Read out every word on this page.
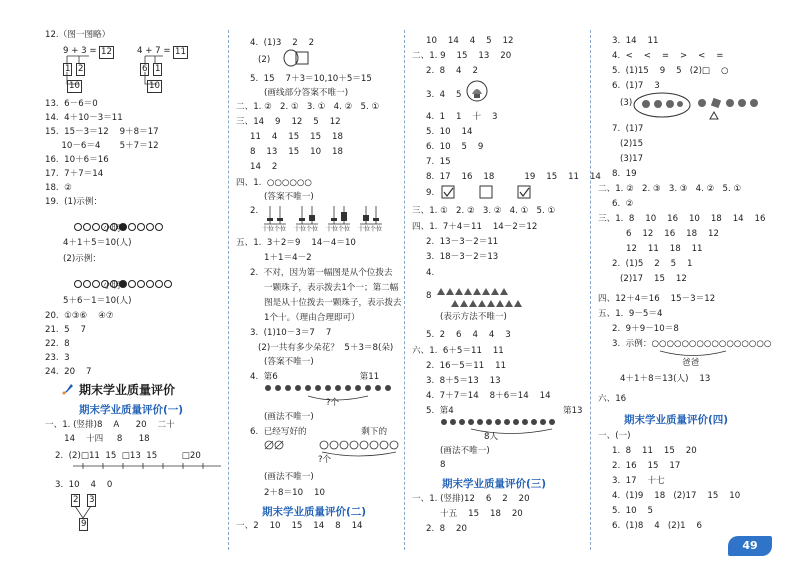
12.（图一图略）
9 + 3 = 12	4 + 7 = 11
1 2
10
6 1
10
13.  6－6＝0
14.  4＋10－3＝11
15.  15－3＝12    9＋8＝17
10－6＝4       5＋7＝12
16.  10＋6＝16
17.  7＋7＝14
18.  ②
19.  (1)示例：

小明
4＋1＋5＝10(人)
(2)示例：

小明
5＋6－1＝10(人)
20.  ①③⑥    ④⑦
21.  5    7
22.  8
23.  3
24.  20    7
期末学业质量评价
期末学业质量评价(一)
一、1. (竖排)8    A      20    二十
14    十四     8      18
2.  (2)□11  15  □13  15         □20
3.  10    4    0
2 3
9
4.  (1)3    2    2
(2)
5.  15    7＋3＝10,10＋5＝15
(画线部分答案不唯一)
二、1. ②   2. ①   3. ①   4. ②   5. ①
三、14    9    12    5    12
11    4    15    15    18
8    13    15    10    18
14    2
四、1.  ○○○○○○
(答案不唯一)
2.
十位个位 十位个位 十位个位 十位个位
五、1.  3＋2＝9    14－4＝10
1＋1＝4－2
2.  不对，因为第一幅图是从个位拨去
一颗珠子，表示拨去1个一；第二幅
图是从十位拨去一颗珠子，表示拨去
1个十。（理由合理即可）
3.  (1)10－3＝7    7
(2)一共有多少朵花？  5＋3＝8(朵)
(答案不唯一)
4.  第6                              第11
?个
(画法不唯一)
6.  已经写好的                    剩下的
?个
(画法不唯一)
2＋8＝10    10
期末学业质量评价(二)
一、2    10    15    14    8    14
10    14    4    5    12
二、1. 9    15    13    20
2.  8    4    2
3.  4    5
4.  1    1    十    3
5.  10    14
6.  10    5    9
7.  15
8.  17    16    18           19    15    11    14
9.
三、1. ①   2. ②   3. ②   4. ①   5. ①
四、1.  7＋4＝11    14－2＝12
2.  13－3－2＝11
3.  18－3－2＝13
4.

8

(表示方法不唯一)
5.  2    6    4    4    3
六、1.  6＋5＝11    11
2.  16－5＝11    11
3.  8＋5＝13    13
4.  7＋7＝14    8＋6＝14    14
5.  第4                                        第13
8人
(画法不唯一)
8
期末学业质量评价(三)
一、1. (竖排)12    6    2    20
十五    15    18    20
2.  8    20
3.  14    11
4.  <    <    =    >    <    =
5.  (1)15    9    5   (2)□    ○
6.  (1)7    3
(3)
7.  (1)7
(2)15
(3)17
8.  19
二、1. ②   2. ③   3. ③   4. ②   5. ①
6.  ②
三、1.  8    10    16    10    18    14    16
6    12    16    18    12
12    11    18    11
2.  (1)5    2    5    1
(2)17    15    12
四、12＋4＝16    15－3＝12
五、1.  9－5＝4
2.  9＋9－10＝8
3.  示例：○○○○○○○○○○○○○○○○
爸爸
4＋1＋8＝13(人)    13
六、16
期末学业质量评价(四)
一、(一)
1.  8    11    15    20
2.  16    15    17
3.  17    十七
4.  (1)9    18   (2)17    15    10
5.  10    5
6.  (1)8    4   (2)1    6
49
